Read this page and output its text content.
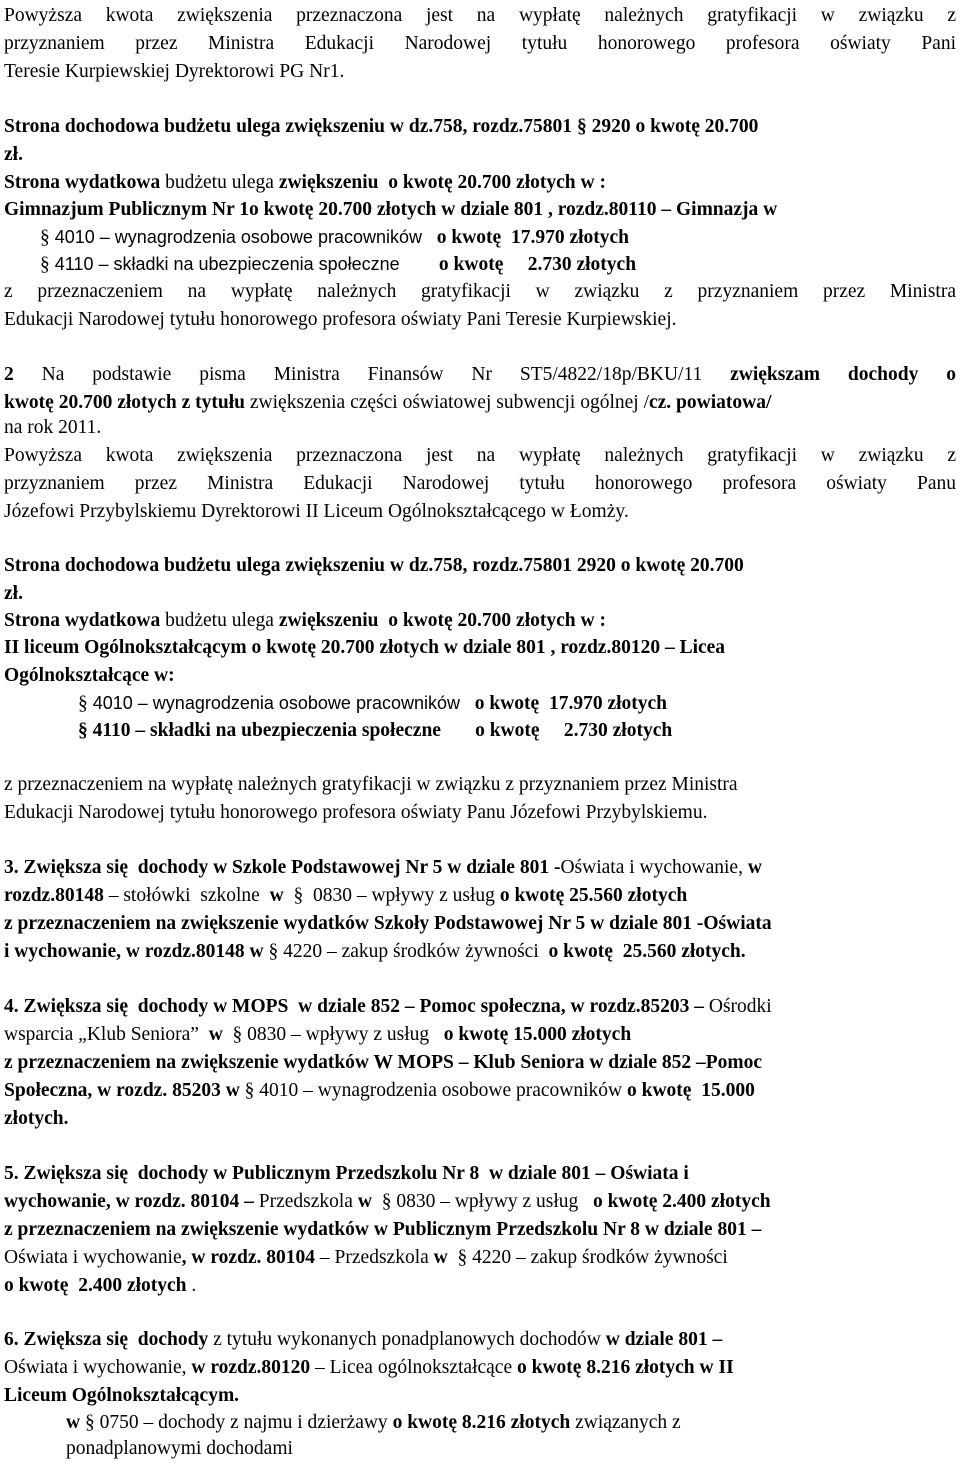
Powyższa kwota zwiększenia przeznaczona jest na wypłatę należnych gratyfikacji w związku z
przyznaniem przez Ministra Edukacji Narodowej tytułu honorowego profesora oświaty Pani
Teresie Kurpiewskiej Dyrektorowi PG Nr1.
Strona dochodowa budżetu ulega zwiększeniu w dz.758, rozdz.75801 § 2920 o kwotę 20.700
zł.
Strona wydatkowa budżetu ulega zwiększeniu  o kwotę 20.700 złotych w :
Gimnazjum Publicznym Nr 1o kwotę 20.700 złotych w dziale 801 , rozdz.80110 – Gimnazja w
§ 4010 – wynagrodzenia osobowe pracowników   o kwotę  17.970 złotych
§ 4110 – składki na ubezpieczenia społeczne        o kwotę     2.730 złotych
z przeznaczeniem na wypłatę należnych gratyfikacji w związku z przyznaniem przez Ministra
Edukacji Narodowej tytułu honorowego profesora oświaty Pani Teresie Kurpiewskiej.
2 Na podstawie pisma Ministra Finansów Nr ST5/4822/18p/BKU/11 zwiększam dochody o
kwotę 20.700 złotych z tytułu zwiększenia części oświatowej subwencji ogólnej /cz. powiatowa/
na rok 2011.
Powyższa kwota zwiększenia przeznaczona jest na wypłatę należnych gratyfikacji w związku z
przyznaniem przez Ministra Edukacji Narodowej tytułu honorowego profesora oświaty Panu
Józefowi Przybylskiemu Dyrektorowi II Liceum Ogólnokształcącego w Łomży.
Strona dochodowa budżetu ulega zwiększeniu w dz.758, rozdz.75801 2920 o kwotę 20.700
zł.
Strona wydatkowa budżetu ulega zwiększeniu  o kwotę 20.700 złotych w :
II liceum Ogólnokształcącym o kwotę 20.700 złotych w dziale 801 , rozdz.80120 – Licea
Ogólnokształcące w:
§ 4010 – wynagrodzenia osobowe pracowników   o kwotę  17.970 złotych
§ 4110 – składki na ubezpieczenia społeczne       o kwotę     2.730 złotych
z przeznaczeniem na wypłatę należnych gratyfikacji w związku z przyznaniem przez Ministra
Edukacji Narodowej tytułu honorowego profesora oświaty Panu Józefowi Przybylskiemu.
3. Zwiększa się  dochody w Szkole Podstawowej Nr 5 w dziale 801 -Oświata i wychowanie, w
rozdz.80148 – stołówki  szkolne  w  §  0830 – wpływy z usług o kwotę 25.560 złotych
z przeznaczeniem na zwiększenie wydatków Szkoły Podstawowej Nr 5 w dziale 801 -Oświata
i wychowanie, w rozdz.80148 w § 4220 – zakup środków żywności  o kwotę  25.560 złotych.
4. Zwiększa się  dochody w MOPS  w dziale 852 – Pomoc społeczna, w rozdz.85203 – Ośrodki
wsparcia „Klub Seniora”  w  § 0830 – wpływy z usług   o kwotę 15.000 złotych
z przeznaczeniem na zwiększenie wydatków W MOPS – Klub Seniora w dziale 852 –Pomoc
Społeczna, w rozdz. 85203 w § 4010 – wynagrodzenia osobowe pracowników o kwotę  15.000
złotych.
5. Zwiększa się  dochody w Publicznym Przedszkolu Nr 8  w dziale 801 – Oświata i
wychowanie, w rozdz. 80104 – Przedszkola w  § 0830 – wpływy z usług   o kwotę 2.400 złotych
z przeznaczeniem na zwiększenie wydatków w Publicznym Przedszkolu Nr 8 w dziale 801 –
Oświata i wychowanie, w rozdz. 80104 – Przedszkola w  § 4220 – zakup środków żywności
o kwotę  2.400 złotych .
6. Zwiększa się  dochody z tytułu wykonanych ponadplanowych dochodów w dziale 801 –
Oświata i wychowanie, w rozdz.80120 – Licea ogólnokształcące o kwotę 8.216 złotych w II
Liceum Ogólnokształcącym.
w § 0750 – dochody z najmu i dzierżawy o kwotę 8.216 złotych związanych z
ponadplanowymi dochodami
